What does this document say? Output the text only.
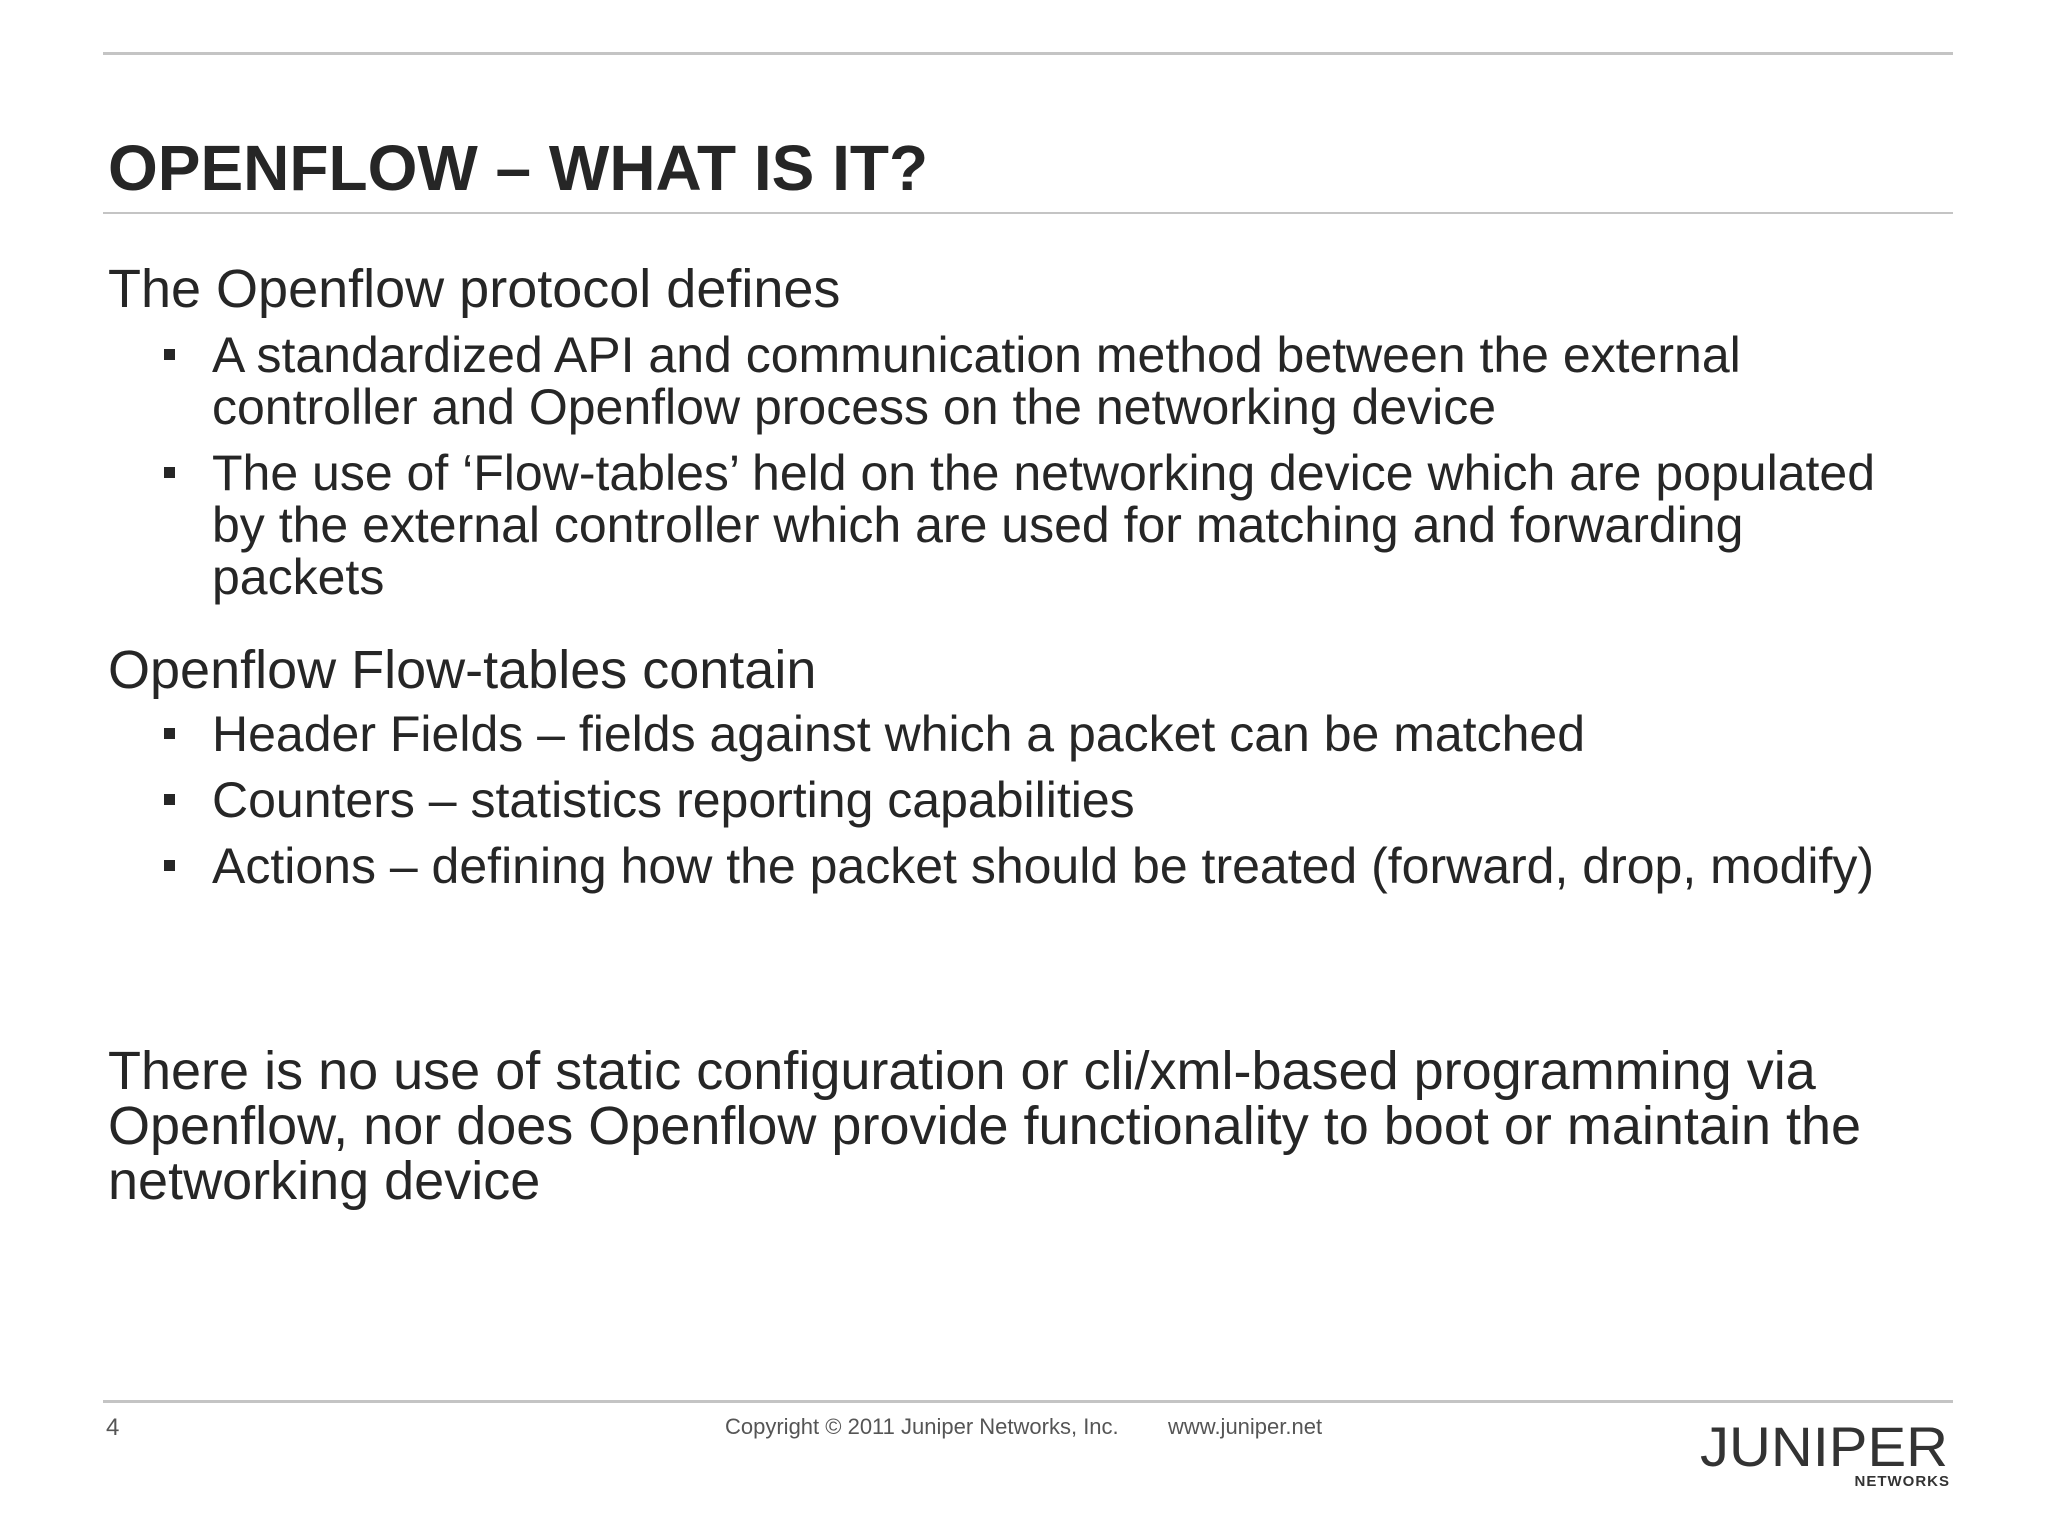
OPENFLOW – WHAT IS IT?

The Openflow protocol defines

A standardized API and communication method between the external controller and Openflow process on the networking device
The use of ‘Flow-tables’ held on the networking device which are populated by the external controller which are used for matching and forwarding packets

Openflow Flow-tables contain

Header Fields – fields against which a packet can be matched
Counters – statistics reporting capabilities
Actions – defining how the packet should be treated (forward, drop, modify)

There is no use of static configuration or cli/xml-based programming via Openflow, nor does Openflow provide functionality to boot or maintain the networking device

4	Copyright © 2011 Juniper Networks, Inc. www.juniper.net	JUNIPER
NETWORKS
